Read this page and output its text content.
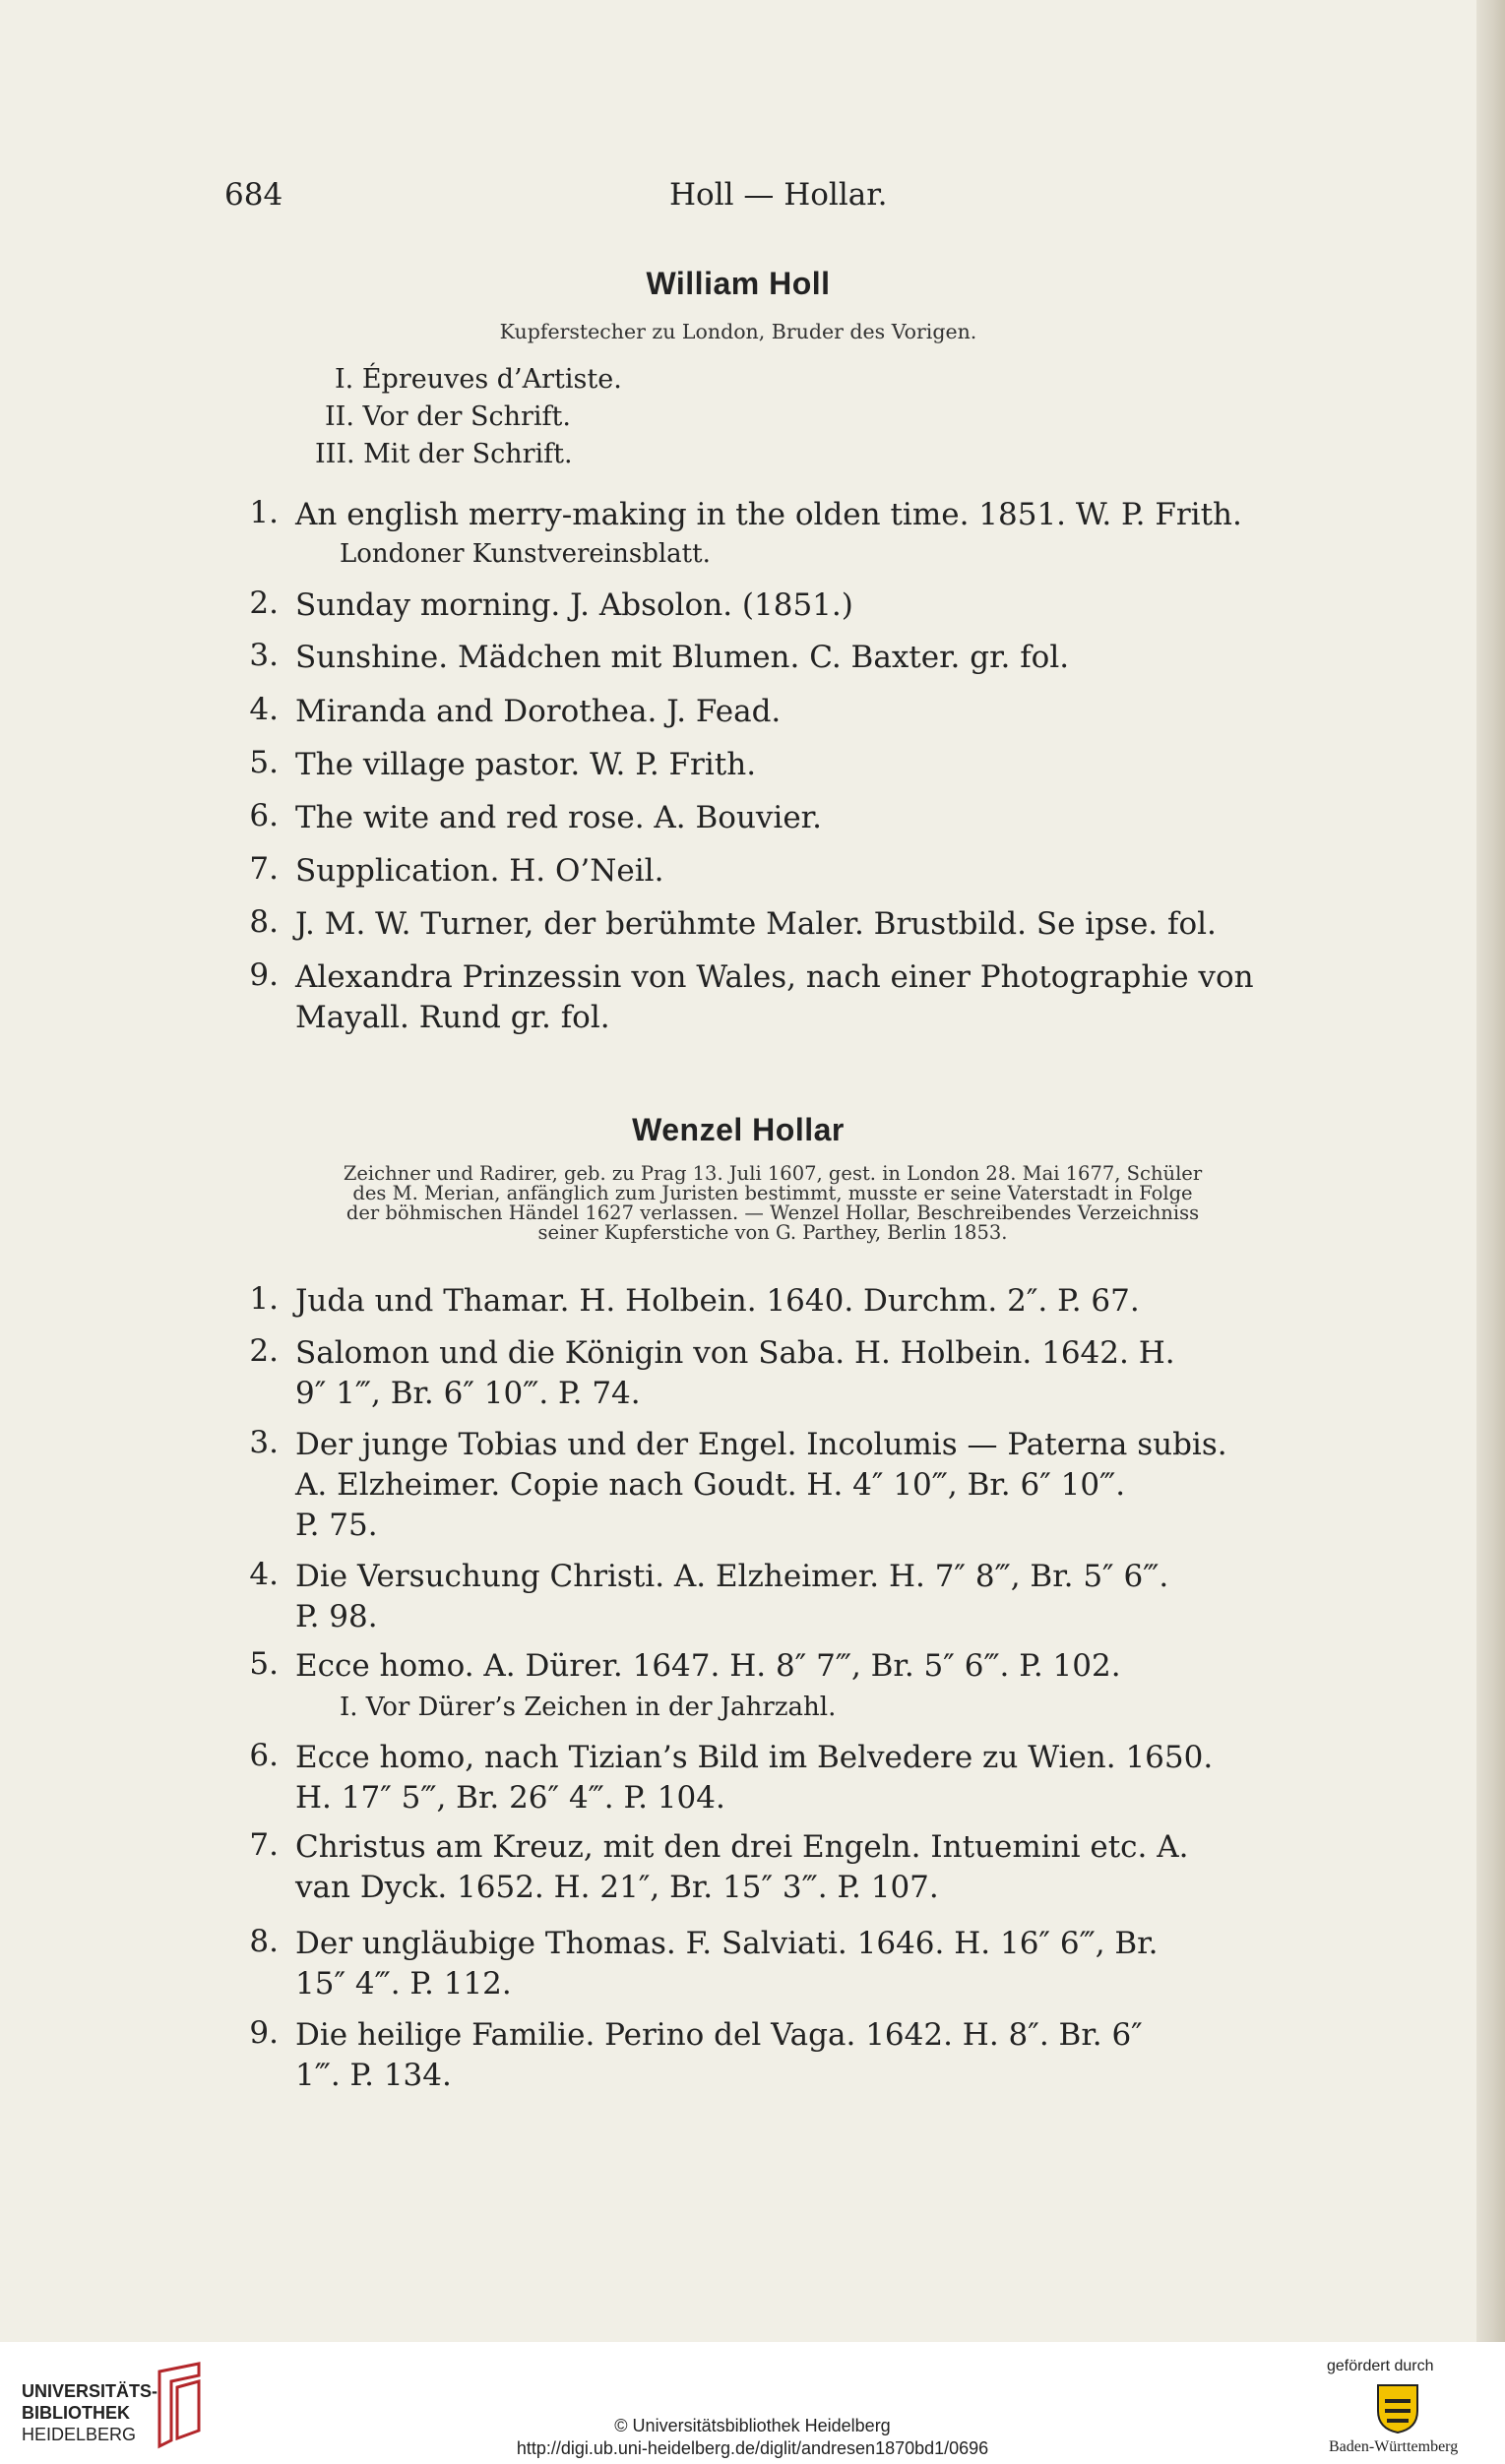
684	Holl — Hollar.
William Holl
Kupferstecher zu London, Bruder des Vorigen.
I. Épreuves d’Artiste.
II. Vor der Schrift.
III. Mit der Schrift.
1. An english merry-making in the olden time. 1851. W. P. Frith.
Londoner Kunstvereinsblatt.
2. Sunday morning. J. Absolon. (1851.)
3. Sunshine. Mädchen mit Blumen. C. Baxter. gr. fol.
4. Miranda and Dorothea. J. Fead.
5. The village pastor. W. P. Frith.
6. The wite and red rose. A. Bouvier.
7. Supplication. H. O’Neil.
8. J. M. W. Turner, der berühmte Maler. Brustbild. Se ipse. fol.
9. Alexandra Prinzessin von Wales, nach einer Photographie von
Mayall. Rund gr. fol.
Wenzel Hollar
Zeichner und Radirer, geb. zu Prag 13. Juli 1607, gest. in London 28. Mai 1677, Schüler
des M. Merian, anfänglich zum Juristen bestimmt, musste er seine Vaterstadt in Folge
der böhmischen Händel 1627 verlassen. — Wenzel Hollar, Beschreibendes Verzeichniss
seiner Kupferstiche von G. Parthey, Berlin 1853.
1. Juda und Thamar. H. Holbein. 1640. Durchm. 2″. P. 67.
2. Salomon und die Königin von Saba. H. Holbein. 1642. H.
9″ 1‴, Br. 6″ 10‴. P. 74.
3. Der junge Tobias und der Engel. Incolumis — Paterna subis.
A. Elzheimer. Copie nach Goudt. H. 4″ 10‴, Br. 6″ 10‴.
P. 75.
4. Die Versuchung Christi. A. Elzheimer. H. 7″ 8‴, Br. 5″ 6‴.
P. 98.
5. Ecce homo. A. Dürer. 1647. H. 8″ 7‴, Br. 5″ 6‴. P. 102.
I. Vor Dürer’s Zeichen in der Jahrzahl.
6. Ecce homo, nach Tizian’s Bild im Belvedere zu Wien. 1650.
H. 17″ 5‴, Br. 26″ 4‴. P. 104.
7. Christus am Kreuz, mit den drei Engeln. Intuemini etc. A.
van Dyck. 1652. H. 21″, Br. 15″ 3‴. P. 107.
8. Der ungläubige Thomas. F. Salviati. 1646. H. 16″ 6‴, Br.
15″ 4‴. P. 112.
9. Die heilige Familie. Perino del Vaga. 1642. H. 8″. Br. 6″
1‴. P. 134.
UNIVERSITÄTS-
BIBLIOTHEK
HEIDELBERG	© Universitätsbibliothek Heidelberg
http://digi.ub.uni-heidelberg.de/diglit/andresen1870bd1/0696
gefördert durch
Baden-Württemberg
